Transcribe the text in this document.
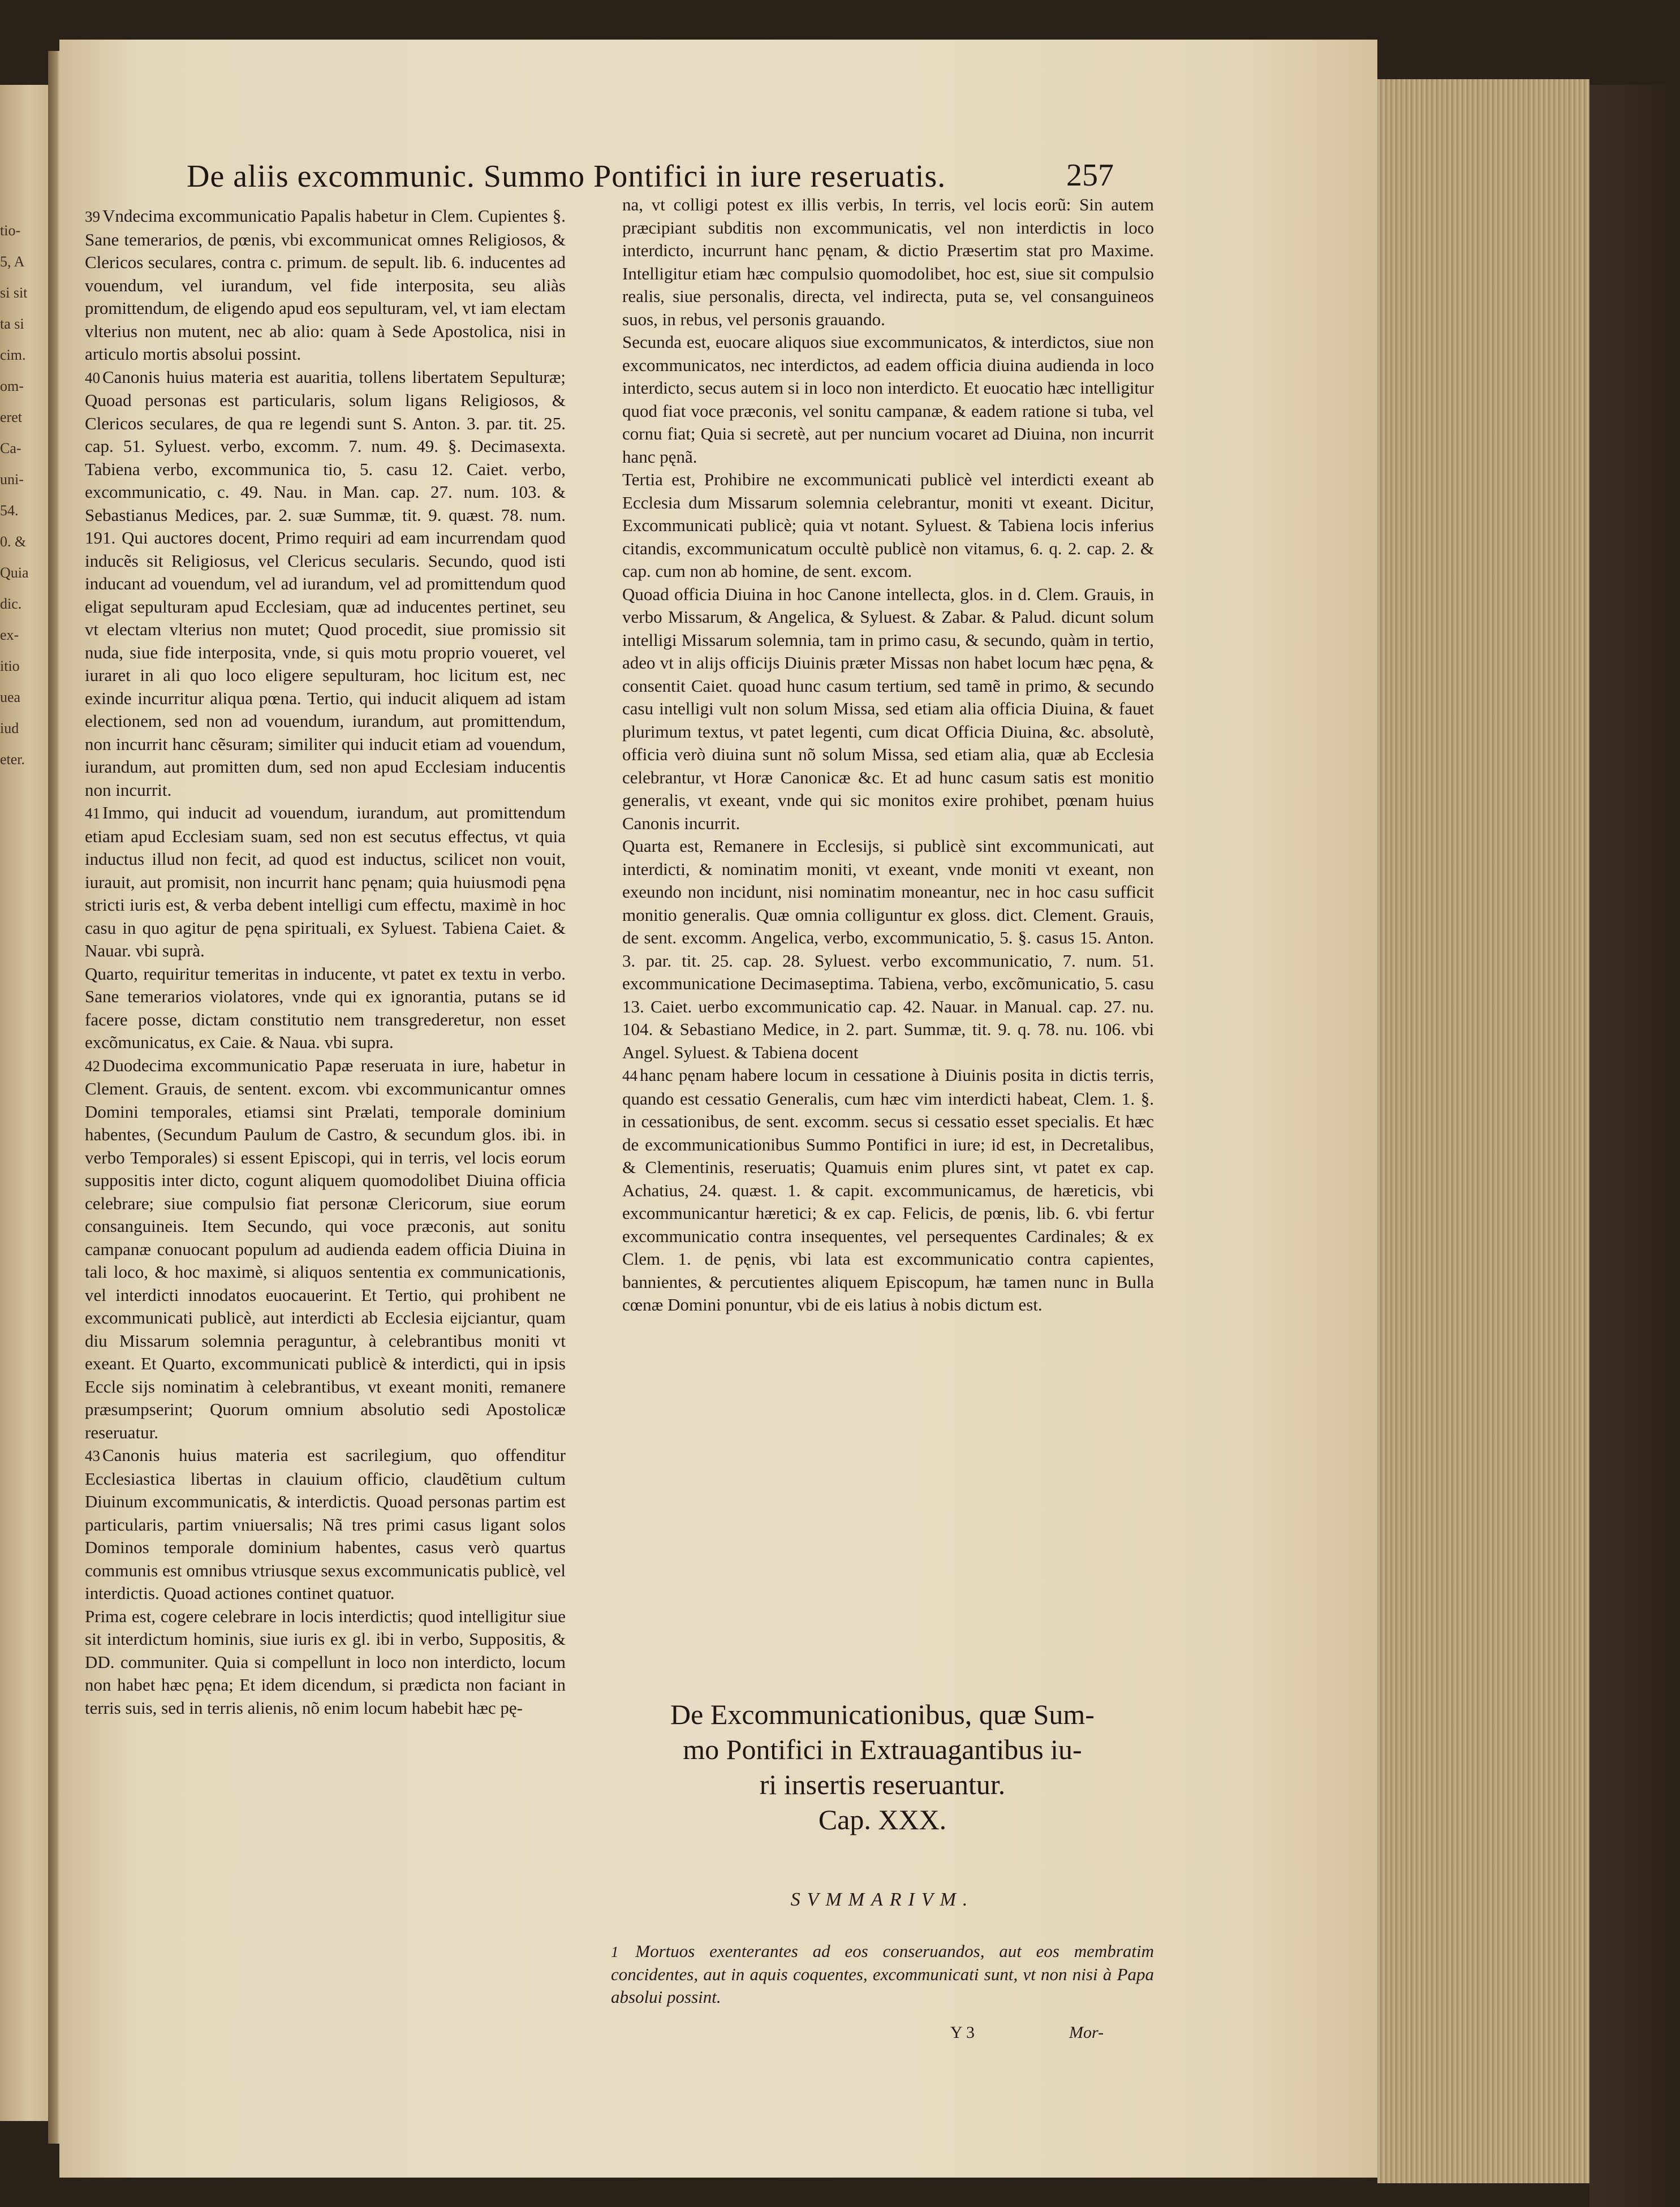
tio-
5, A
si sit
ta si
cim.
om-
eret
Ca-
uni-
54.
0. &
Quia
dic.
ex-
itio
uea
iud
eter.
De aliis excommunic. Summo Pontifici in iure reseruatis.	257

39 Vndecima excommunicatio Papalis habetur in Clem. Cupientes §. Sane temerarios, de pœnis, vbi excommunicat omnes Religiosos, & Clericos seculares, contra c. primum. de sepult. lib. 6. inducentes ad vouendum, vel iurandum, vel fide interposita, seu aliàs promittendum, de eligendo apud eos sepulturam, vel, vt iam electam vlterius non mutent, nec ab alio: quam à Sede Apostolica, nisi in articulo mortis absolui possint.

40 Canonis huius materia est auaritia, tollens libertatem Sepulturæ; Quoad personas est particularis, solum ligans Religiosos, & Clericos seculares, de qua re legendi sunt S. Anton. 3. par. tit. 25. cap. 51. Syluest. verbo, excomm. 7. num. 49. §. Decimasexta. Tabiena verbo, excommunica tio, 5. casu 12. Caiet. verbo, excommunicatio, c. 49. Nau. in Man. cap. 27. num. 103. & Sebastianus Medices, par. 2. suæ Summæ, tit. 9. quæst. 78. num. 191. Qui auctores docent, Primo requiri ad eam incurrendam quod inducẽs sit Religiosus, vel Clericus secularis. Secundo, quod isti inducant ad vouendum, vel ad iurandum, vel ad promittendum quod eligat sepulturam apud Ecclesiam, quæ ad inducentes pertinet, seu vt electam vlterius non mutet; Quod procedit, siue promissio sit nuda, siue fide interposita, vnde, si quis motu proprio voueret, vel iuraret in ali quo loco eligere sepulturam, hoc licitum est, nec exinde incurritur aliqua pœna. Tertio, qui inducit aliquem ad istam electionem, sed non ad vouendum, iurandum, aut promittendum, non incurrit hanc cẽsuram; similiter qui inducit etiam ad vouendum, iurandum, aut promitten dum, sed non apud Ecclesiam inducentis non incurrit.

41 Immo, qui inducit ad vouendum, iurandum, aut promittendum etiam apud Ecclesiam suam, sed non est secutus effectus, vt quia inductus illud non fecit, ad quod est inductus, scilicet non vouit, iurauit, aut promisit, non incurrit hanc pęnam; quia huiusmodi pęna stricti iuris est, & verba debent intelligi cum effectu, maximè in hoc casu in quo agitur de pęna spirituali, ex Syluest. Tabiena Caiet. & Nauar. vbi suprà.

Quarto, requiritur temeritas in inducente, vt patet ex textu in verbo. Sane temerarios violatores, vnde qui ex ignorantia, putans se id facere posse, dictam constitutio nem transgrederetur, non esset excõmunicatus, ex Caie. & Naua. vbi supra.

42 Duodecima excommunicatio Papæ reseruata in iure, habetur in Clement. Grauis, de sentent. excom. vbi excommunicantur omnes Domini temporales, etiamsi sint Prælati, temporale dominium habentes, (Secundum Paulum de Castro, & secundum glos. ibi. in verbo Temporales) si essent Episcopi, qui in terris, vel locis eorum suppositis inter dicto, cogunt aliquem quomodolibet Diuina officia celebrare; siue compulsio fiat personæ Clericorum, siue eorum consanguineis. Item Secundo, qui voce præconis, aut sonitu campanæ conuocant populum ad audienda eadem officia Diuina in tali loco, & hoc maximè, si aliquos sententia ex communicationis, vel interdicti innodatos euocauerint. Et Tertio, qui prohibent ne excommunicati publicè, aut interdicti ab Ecclesia eijciantur, quam diu Missarum solemnia peraguntur, à celebrantibus moniti vt exeant. Et Quarto, excommunicati publicè & interdicti, qui in ipsis Eccle sijs nominatim à celebrantibus, vt exeant moniti, remanere præsumpserint; Quorum omnium absolutio sedi Apostolicæ reseruatur.

43 Canonis huius materia est sacrilegium, quo offenditur Ecclesiastica libertas in clauium officio, claudẽtium cultum Diuinum excommunicatis, & interdictis. Quoad personas partim est particularis, partim vniuersalis; Nã tres primi casus ligant solos Dominos temporale dominium habentes, casus verò quartus communis est omnibus vtriusque sexus excommunicatis publicè, vel interdictis. Quoad actiones continet quatuor.

Prima est, cogere celebrare in locis interdictis; quod intelligitur siue sit interdictum hominis, siue iuris ex gl. ibi in verbo, Suppositis, & DD. communiter. Quia si compellunt in loco non interdicto, locum non habet hæc pęna; Et idem dicendum, si prædicta non faciant in terris suis, sed in terris alienis, nõ enim locum habebit hæc pę-

na, vt colligi potest ex illis verbis, In terris, vel locis eorũ: Sin autem præcipiant subditis non excommunicatis, vel non interdictis in loco interdicto, incurrunt hanc pęnam, & dictio Præsertim stat pro Maxime. Intelligitur etiam hæc compulsio quomodolibet, hoc est, siue sit compulsio realis, siue personalis, directa, vel indirecta, puta se, vel consanguineos suos, in rebus, vel personis grauando.

Secunda est, euocare aliquos siue excommunicatos, & interdictos, siue non excommunicatos, nec interdictos, ad eadem officia diuina audienda in loco interdicto, secus autem si in loco non interdicto. Et euocatio hæc intelligitur quod fiat voce præconis, vel sonitu campanæ, & eadem ratione si tuba, vel cornu fiat; Quia si secretè, aut per nuncium vocaret ad Diuina, non incurrit hanc pęnã.

Tertia est, Prohibire ne excommunicati publicè vel interdicti exeant ab Ecclesia dum Missarum solemnia celebrantur, moniti vt exeant. Dicitur, Excommunicati publicè; quia vt notant. Syluest. & Tabiena locis inferius citandis, excommunicatum occultè publicè non vitamus, 6. q. 2. cap. 2. & cap. cum non ab homine, de sent. excom.

Quoad officia Diuina in hoc Canone intellecta, glos. in d. Clem. Grauis, in verbo Missarum, & Angelica, & Syluest. & Zabar. & Palud. dicunt solum intelligi Missarum solemnia, tam in primo casu, & secundo, quàm in tertio, adeo vt in alijs officijs Diuinis præter Missas non habet locum hæc pęna, & consentit Caiet. quoad hunc casum tertium, sed tamẽ in primo, & secundo casu intelligi vult non solum Missa, sed etiam alia officia Diuina, & fauet plurimum textus, vt patet legenti, cum dicat Officia Diuina, &c. absolutè, officia verò diuina sunt nõ solum Missa, sed etiam alia, quæ ab Ecclesia celebrantur, vt Horæ Canonicæ &c. Et ad hunc casum satis est monitio generalis, vt exeant, vnde qui sic monitos exire prohibet, pœnam huius Canonis incurrit.

Quarta est, Remanere in Ecclesijs, si publicè sint excommunicati, aut interdicti, & nominatim moniti, vt exeant, vnde moniti vt exeant, non exeundo non incidunt, nisi nominatim moneantur, nec in hoc casu sufficit monitio generalis. Quæ omnia colliguntur ex gloss. dict. Clement. Grauis, de sent. excomm. Angelica, verbo, excommunicatio, 5. §. casus 15. Anton. 3. par. tit. 25. cap. 28. Syluest. verbo excommunicatio, 7. num. 51. excommunicatione Decimaseptima. Tabiena, verbo, excõmunicatio, 5. casu 13. Caiet. uerbo excommunicatio cap. 42. Nauar. in Manual. cap. 27. nu. 104. & Sebastiano Medice, in 2. part. Summæ, tit. 9. q. 78. nu. 106. vbi Angel. Syluest. & Tabiena docent

44 hanc pęnam habere locum in cessatione à Diuinis posita in dictis terris, quando est cessatio Generalis, cum hæc vim interdicti habeat, Clem. 1. §. in cessationibus, de sent. excomm. secus si cessatio esset specialis. Et hæc de excommunicationibus Summo Pontifici in iure; id est, in Decretalibus, & Clementinis, reseruatis; Quamuis enim plures sint, vt patet ex cap. Achatius, 24. quæst. 1. & capit. excommunicamus, de hæreticis, vbi excommunicantur hæretici; & ex cap. Felicis, de pœnis, lib. 6. vbi fertur excommunicatio contra insequentes, vel persequentes Cardinales; & ex Clem. 1. de pęnis, vbi lata est excommunicatio contra capientes, bannientes, & percutientes aliquem Episcopum, hæ tamen nunc in Bulla cœnæ Domini ponuntur, vbi de eis latius à nobis dictum est.

De Excommunicationibus, quæ Sum-
mo Pontifici in Extrauagantibus iu-
ri insertis reseruantur.
Cap. XXX.
SVMMARIVM.
1 Mortuos exenterantes ad eos conseruandos, aut eos membratim concidentes, aut in aquis coquentes, excommunicati sunt, vt non nisi à Papa absolui possint.
Y 3	Mor-
